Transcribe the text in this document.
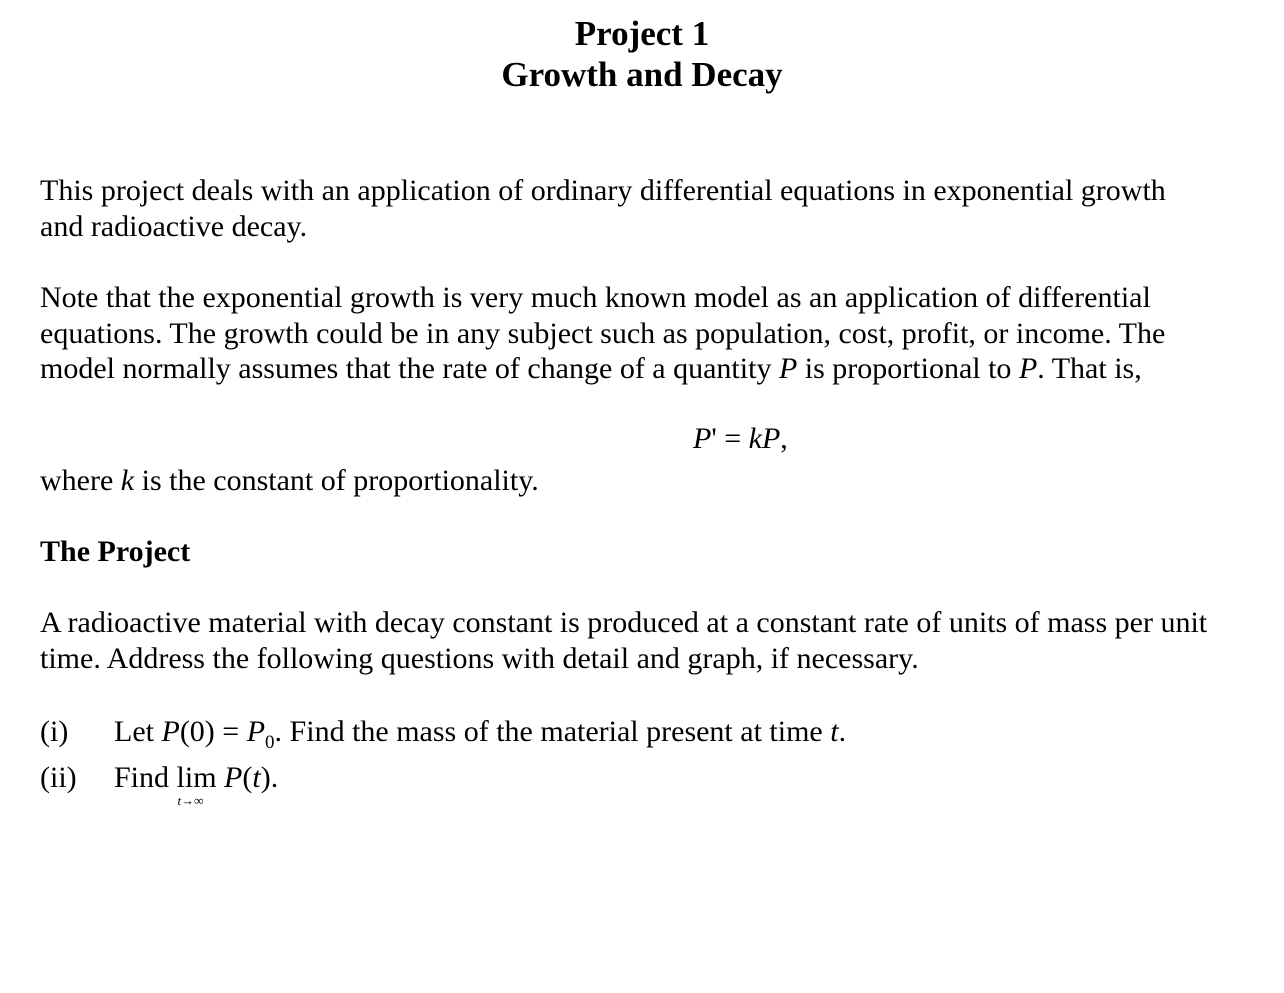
Project 1
Growth and Decay
This project deals with an application of ordinary differential equations in exponential growth
and radioactive decay.
Note that the exponential growth is very much known model as an application of differential
equations. The growth could be in any subject such as population, cost, profit, or income. The
model normally assumes that the rate of change of a quantity P is proportional to P. That is,
P' = kP,
where k is the constant of proportionality.
The Project
A radioactive material with decay constant is produced at a constant rate of units of mass per unit
time. Address the following questions with detail and graph, if necessary.
(i) Let $P(0) = P_0$. Find the mass of the material present at time t.
(ii) Find lim
t→∞
P(t).
